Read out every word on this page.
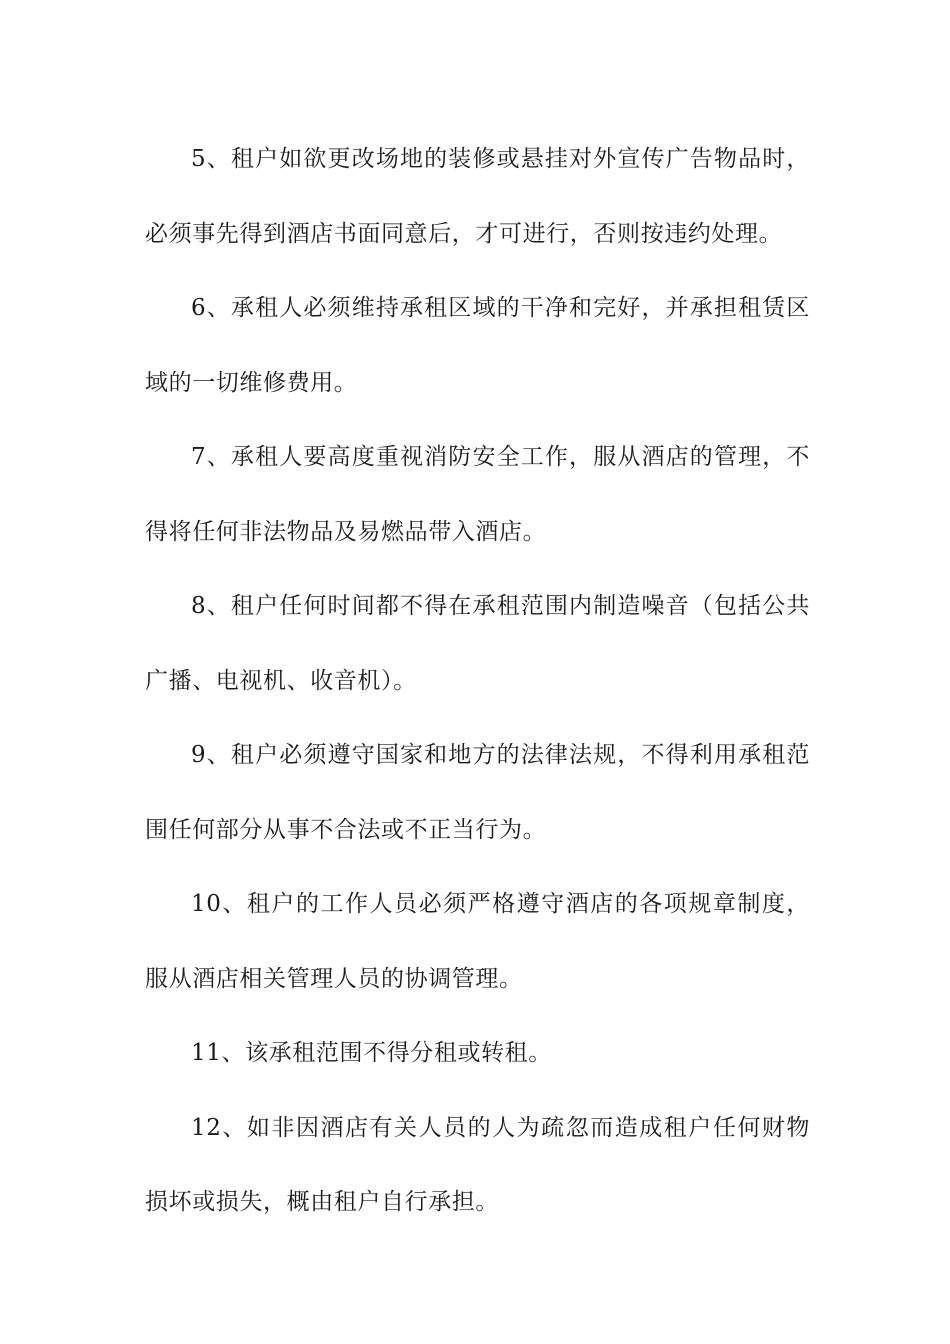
5、租户如欲更改场地的装修或悬挂对外宣传广告物品时，必须事先得到酒店书面同意后，才可进行，否则按违约处理。

6、承租人必须维持承租区域的干净和完好，并承担租赁区域的一切维修费用。

7、承租人要高度重视消防安全工作，服从酒店的管理，不得将任何非法物品及易燃品带入酒店。

8、租户任何时间都不得在承租范围内制造噪音（包括公共广播、电视机、收音机）。

9、租户必须遵守国家和地方的法律法规，不得利用承租范围任何部分从事不合法或不正当行为。

10、租户的工作人员必须严格遵守酒店的各项规章制度，服从酒店相关管理人员的协调管理。

11、该承租范围不得分租或转租。

12、如非因酒店有关人员的人为疏忽而造成租户任何财物损坏或损失，概由租户自行承担。
